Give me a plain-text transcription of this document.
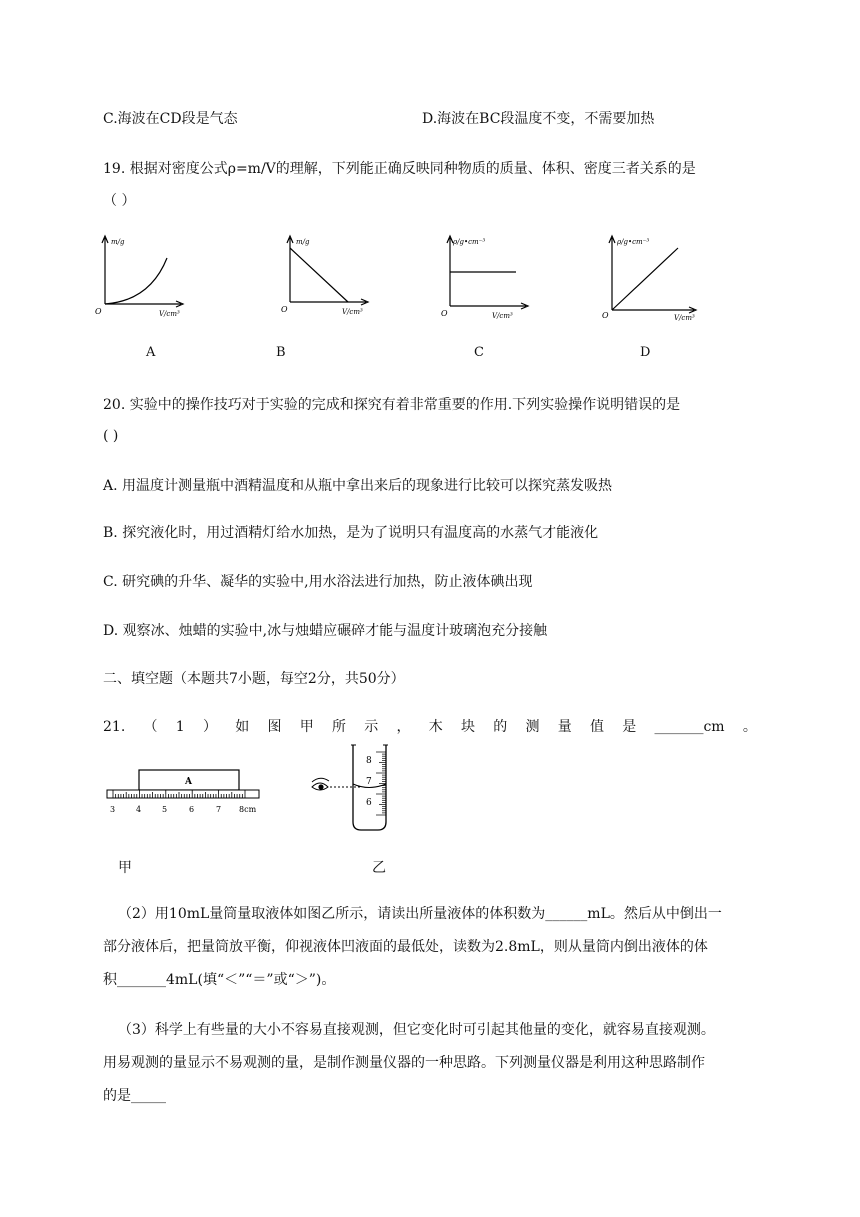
C.海波在CD段是气态	D.海波在BC段温度不变，不需要加热
19. 根据对密度公式ρ=m/V的理解，下列能正确反映同种物质的质量、体积、密度三者关系的是
（ ）
m/g
V/cm³
O
A
m/g
V/cm³
O
B
ρ/g•cm⁻³
V/cm³
O
C
ρ/g•cm⁻³
V/cm³
O
D
20. 实验中的操作技巧对于实验的完成和探究有着非常重要的作用.下列实验操作说明错误的是
( )
A. 用温度计测量瓶中酒精温度和从瓶中拿出来后的现象进行比较可以探究蒸发吸热
B. 探究液化时，用过酒精灯给水加热，是为了说明只有温度高的水蒸气才能液化
C. 研究碘的升华、凝华的实验中,用水浴法进行加热，防止液体碘出现
D. 观察冰、烛蜡的实验中,冰与烛蜡应碾碎才能与温度计玻璃泡充分接触
二、填空题（本题共7小题，每空2分，共50分）
21. （ 1 ） 如 图 甲 所 示 ， 木 块 的 测 量 值 是 _______cm 。
A
3	4	5	6	7 8cm
8
7
6
甲	乙
（2）用10mL量筒量取液体如图乙所示，请读出所量液体的体积数为______mL。然后从中倒出一
部分液体后，把量筒放平衡，仰视液体凹液面的最低处，读数为2.8mL，则从量筒内倒出液体的体
积_______4mL(填“＜”“＝”或“＞”)。
（3）科学上有些量的大小不容易直接观测，但它变化时可引起其他量的变化，就容易直接观测。
用易观测的量显示不易观测的量，是制作测量仪器的一种思路。下列测量仪器是利用这种思路制作
的是_____
